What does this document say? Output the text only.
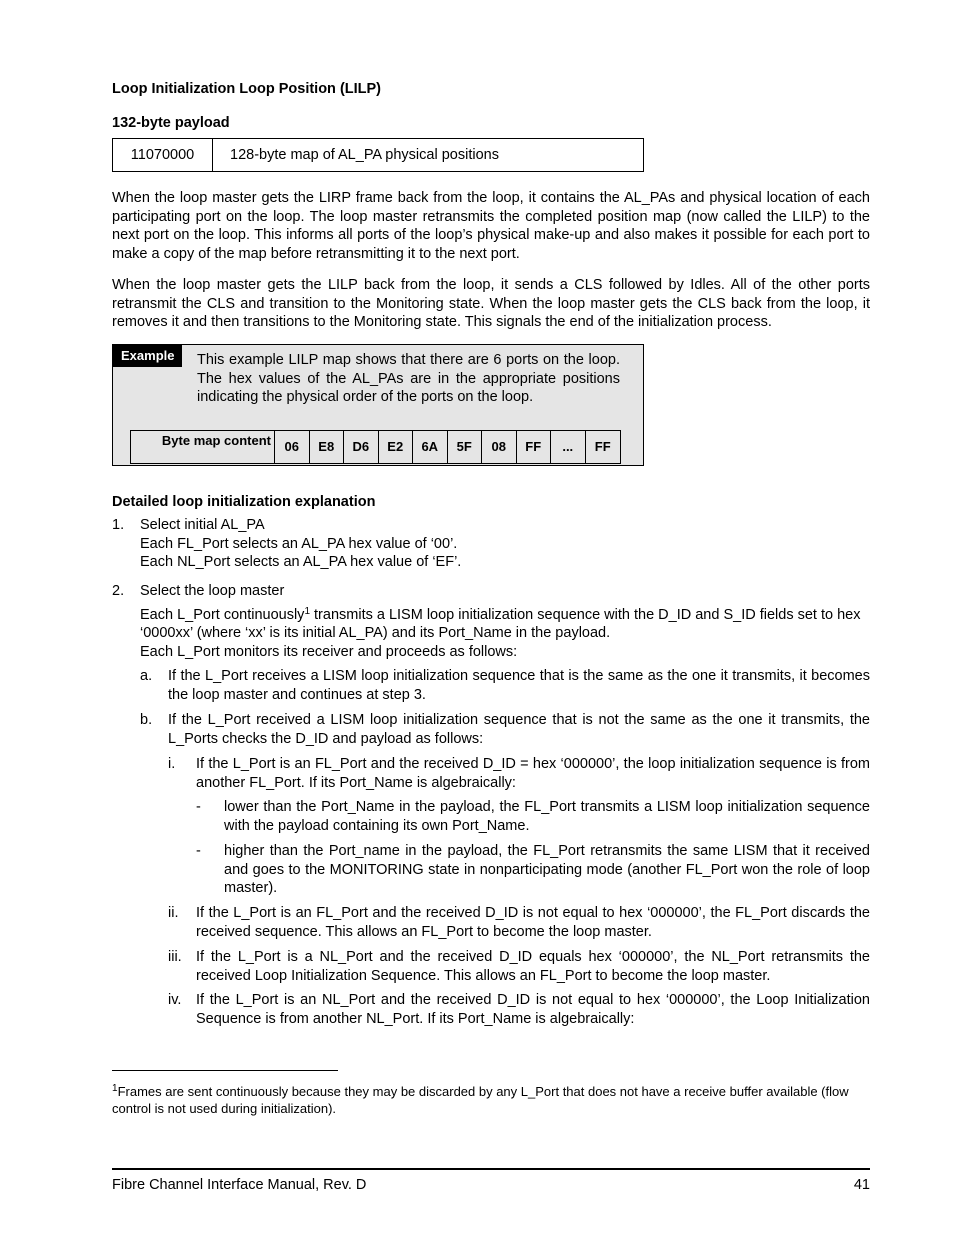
Loop Initialization Loop Position (LILP)
132-byte payload
11070000	128-byte map of AL_PA physical positions

When the loop master gets the LIRP frame back from the loop, it contains the AL_PAs and physical location of each participating port on the loop. The loop master retransmits the completed position map (now called the LILP) to the next port on the loop. This informs all ports of the loop’s physical make-up and also makes it possible for each port to make a copy of the map before retransmitting it to the next port.

When the loop master gets the LILP back from the loop, it sends a CLS followed by Idles. All of the other ports retransmit the CLS and transition to the Monitoring state. When the loop master gets the CLS back from the loop, it removes it and then transitions to the Monitoring state. This signals the end of the initialization process.

Example	This example LILP map shows that there are 6 ports on the loop. The hex values of the AL_PAs are in the appropriate positions indicating the physical order of the ports on the loop.
Byte map content	06	E8	D6	E2	6A	5F	08	FF	...	FF
Detailed loop initialization explanation
1. Select initial AL_PA
Each FL_Port selects an AL_PA hex value of ‘00’.
Each NL_Port selects an AL_PA hex value of ‘EF’.
2. Select the loop master
Each L_Port continuously$^1$ transmits a LISM loop initialization sequence with the D_ID and S_ID fields set to hex ‘0000xx’ (where ‘xx’ is its initial AL_PA) and its Port_Name in the payload.
Each L_Port monitors its receiver and proceeds as follows:
a. If the L_Port receives a LISM loop initialization sequence that is the same as the one it transmits, it becomes the loop master and continues at step 3.

b. If the L_Port received a LISM loop initialization sequence that is not the same as the one it transmits, the L_Ports checks the D_ID and payload as follows:

i. If the L_Port is an FL_Port and the received D_ID = hex ‘000000’, the loop initialization sequence is from another FL_Port. If its Port_Name is algebraically:

- lower than the Port_Name in the payload, the FL_Port transmits a LISM loop initialization sequence with the payload containing its own Port_Name.

- higher than the Port_name in the payload, the FL_Port retransmits the same LISM that it received and goes to the MONITORING state in nonparticipating mode (another FL_Port won the role of loop master).

ii. If the L_Port is an FL_Port and the received D_ID is not equal to hex ‘000000’, the FL_Port discards the received sequence. This allows an FL_Port to become the loop master.

iii. If the L_Port is a NL_Port and the received D_ID equals hex ‘000000’, the NL_Port retransmits the received Loop Initialization Sequence. This allows an FL_Port to become the loop master.

iv. If the L_Port is an NL_Port and the received D_ID is not equal to hex ‘000000’, the Loop Initialization Sequence is from another NL_Port. If its Port_Name is algebraically:

$^1$Frames are sent continuously because they may be discarded by any L_Port that does not have a receive buffer available (flow control is not used during initialization).
Fibre Channel Interface Manual, Rev. D	41
